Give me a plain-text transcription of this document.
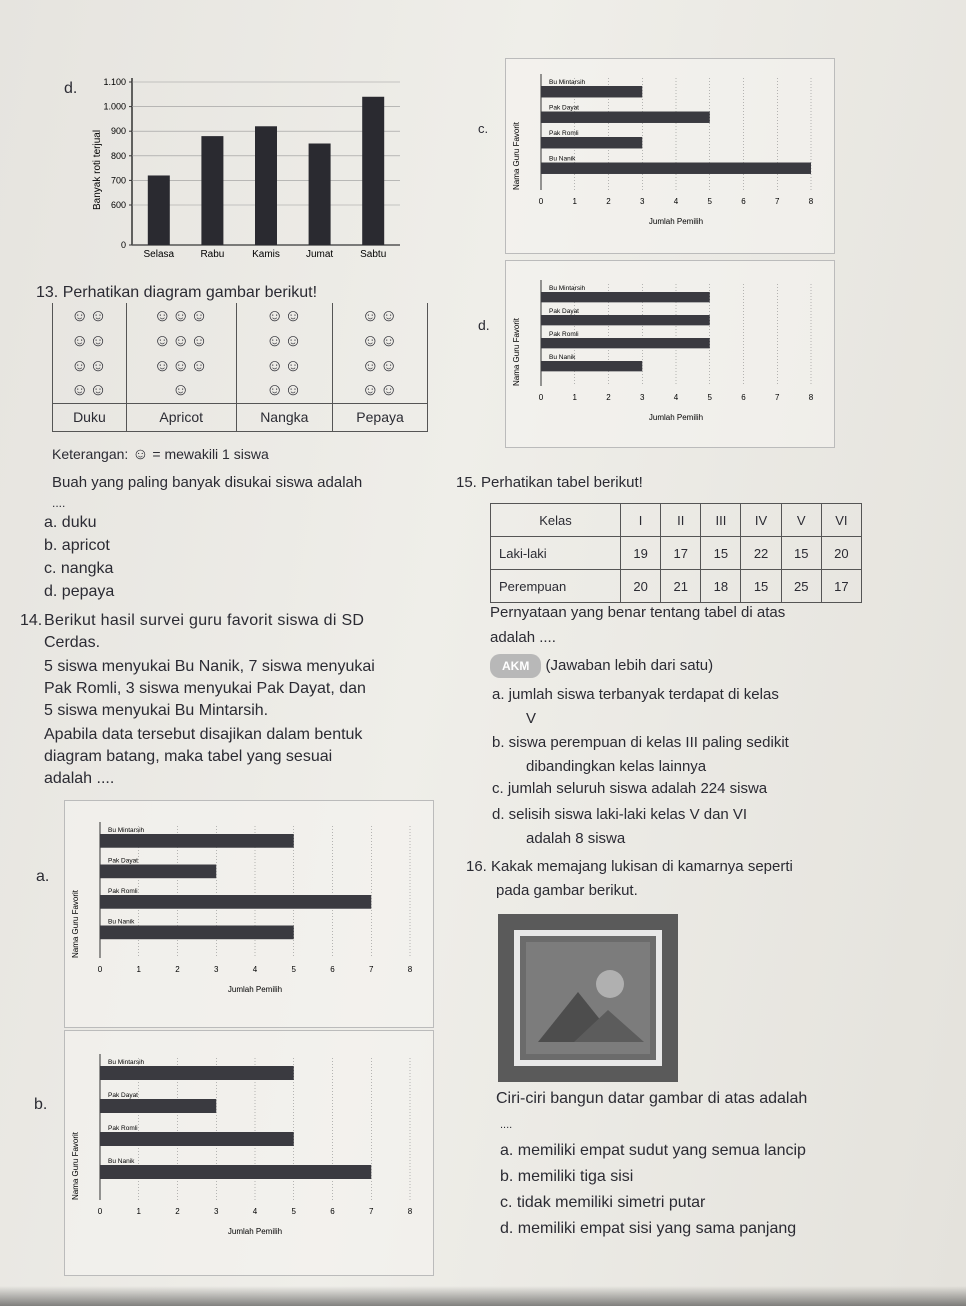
d.
Banyak roti terjual
1.100
1.000
900
800
700
600
0
Selasa	Rabu	Kamis	Jumat	Sabtu
13. Perhatikan diagram gambar berikut!
☺☺	☺☺☺	☺☺	☺☺
☺☺	☺☺☺	☺☺	☺☺
☺☺	☺☺☺	☺☺	☺☺
☺☺	☺	☺☺	☺☺
Duku	Apricot	Nangka	Pepaya
Keterangan: ☺ = mewakili 1 siswa
Buah yang paling banyak disukai siswa adalah
....
a. duku
b. apricot
c. nangka
d. pepaya
14. Berikut hasil survei guru favorit siswa di SD
Cerdas.
5 siswa menyukai Bu Nanik, 7 siswa menyukai
Pak Romli, 3 siswa menyukai Pak Dayat, dan
5 siswa menyukai Bu Mintarsih.
Apabila data tersebut disajikan dalam bentuk
diagram batang, maka tabel yang sesuai
adalah ....
c.	Nama Guru Favorit
0	1	2	3	4	5	6	7	8
Bu Mintarsih
Pak Dayat
Pak Romli
Bu Nanik
Jumlah Pemilih
d.	Nama Guru Favorit
0	1	2	3	4	5	6	7	8
Bu Mintarsih
Pak Dayat
Pak Romli
Bu Nanik
Jumlah Pemilih
a.
Nama Guru Favorit
0	1	2	3	4	5	6	7	8
Bu Mintarsih
Pak Dayat
Pak Romli
Bu Nanik
Jumlah Pemilih
b.
Nama Guru Favorit
0	1	2	3	4	5	6	7	8
Bu Mintarsih
Pak Dayat
Pak Romli
Bu Nanik
Jumlah Pemilih
15. Perhatikan tabel berikut!
Kelas	I	II	III	IV	V	VI
Laki-laki	19	17	15	22	15	20
Perempuan	20	21	18	15	25	17
Pernyataan yang benar tentang tabel di atas
adalah ....
AKM (Jawaban lebih dari satu)
a. jumlah siswa terbanyak terdapat di kelas
V
b. siswa perempuan di kelas III paling sedikit
dibandingkan kelas lainnya
c. jumlah seluruh siswa adalah 224 siswa
d. selisih siswa laki-laki kelas V dan VI
adalah 8 siswa
16. Kakak memajang lukisan di kamarnya seperti
pada gambar berikut.
Ciri-ciri bangun datar gambar di atas adalah
....
a. memiliki empat sudut yang semua lancip
b. memiliki tiga sisi
c. tidak memiliki simetri putar
d. memiliki empat sisi yang sama panjang
